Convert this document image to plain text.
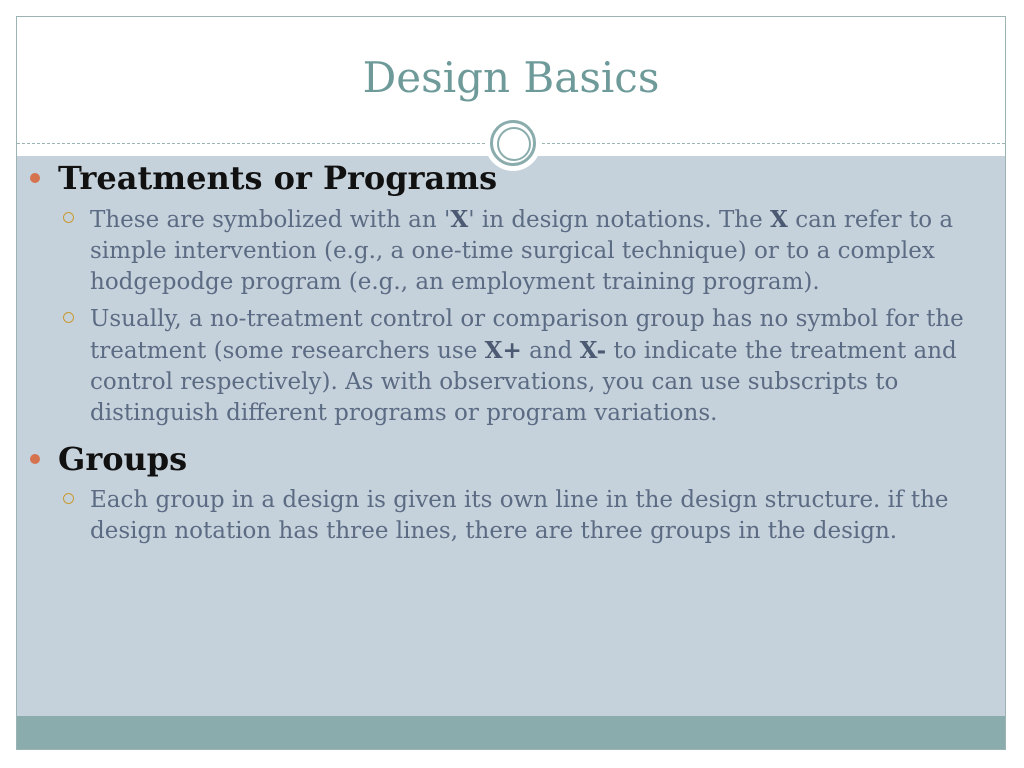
Design Basics
Treatments or Programs

These are symbolized with an 'X' in design notations. The X can refer to a simple intervention (e.g., a one-time surgical technique) or to a complex hodgepodge program (e.g., an employment training program).

Usually, a no-treatment control or comparison group has no symbol for the treatment (some researchers use X+ and X- to indicate the treatment and control respectively). As with observations, you can use subscripts to distinguish different programs or program variations.

Groups

Each group in a design is given its own line in the design structure. if the design notation has three lines, there are three groups in the design.
